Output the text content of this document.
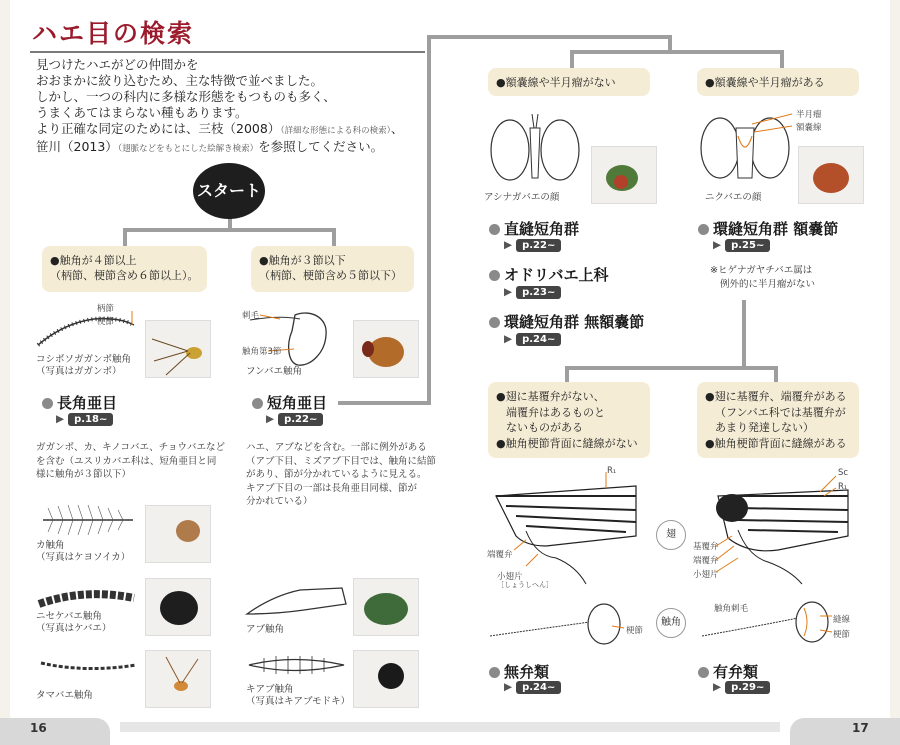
ハエ目の検索
見つけたハエがどの仲間かを
おおまかに絞り込むため、主な特徴で並べました。
しかし、一つの科内に多様な形態をもつものも多く、
うまくあてはまらない種もあります。
より正確な同定のためには、三枝（2008）（詳細な形態による科の検索）、
笹川（2013）（翅脈などをもとにした絵解き検索）を参照してください。
スタート
●触角が４節以上
（柄節、梗節含め６節以上）。
●触角が３節以下
（柄節、梗節含め５節以下）
柄節
梗節
コシボソガガンボ触角
（写真はガガンボ）
刺毛
触角第3節
フンバエ触角
長角亜目
▶ p.18~
短角亜目
▶ p.22~
ガガンボ、カ、キノコバエ、チョウバエなど
を含む（ユスリカバエ科は、短角亜目と同
様に触角が３節以下）
ハエ、アブなどを含む。一部に例外がある
（アブ下目、ミズアブ下目では、触角に結節
があり、節が分かれているように見える。
キアブ下目の一部は長角亜目同様、節が
分かれている）
カ触角
（写真はケヨソイカ）
ニセケバエ触角
（写真はケバエ）
タマバエ触角
アブ触角
キアブ触角
（写真はキアブモドキ）
●額嚢線や半月瘤がない	●額嚢線や半月瘤がある
アシナガバエの顔
半月瘤
額嚢線
ニクバエの顔
直縫短角群
▶ p.22~
オドリバエ上科
▶ p.23~
環縫短角群 無額嚢節
▶ p.24~
環縫短角群 額嚢節
▶ p.25~
※ヒゲナガヤチバエ属は
例外的に半月瘤がない
●翅に基覆弁がない、
端覆弁はあるものと
ないものがある
●触角梗節背面に縫線がない
●翅に基覆弁、端覆弁がある
（フンバエ科では基覆弁が
あまり発達しない）
●触角梗節背面に縫線がある
R₁
端覆弁
小翅片
［しょうしへん］
梗節
翅
触角
Sc
R₁
基覆弁
端覆弁
小翅片
触角刺毛
縫線
梗節
無弁類
▶ p.24~
有弁類
▶ p.29~
16	17
